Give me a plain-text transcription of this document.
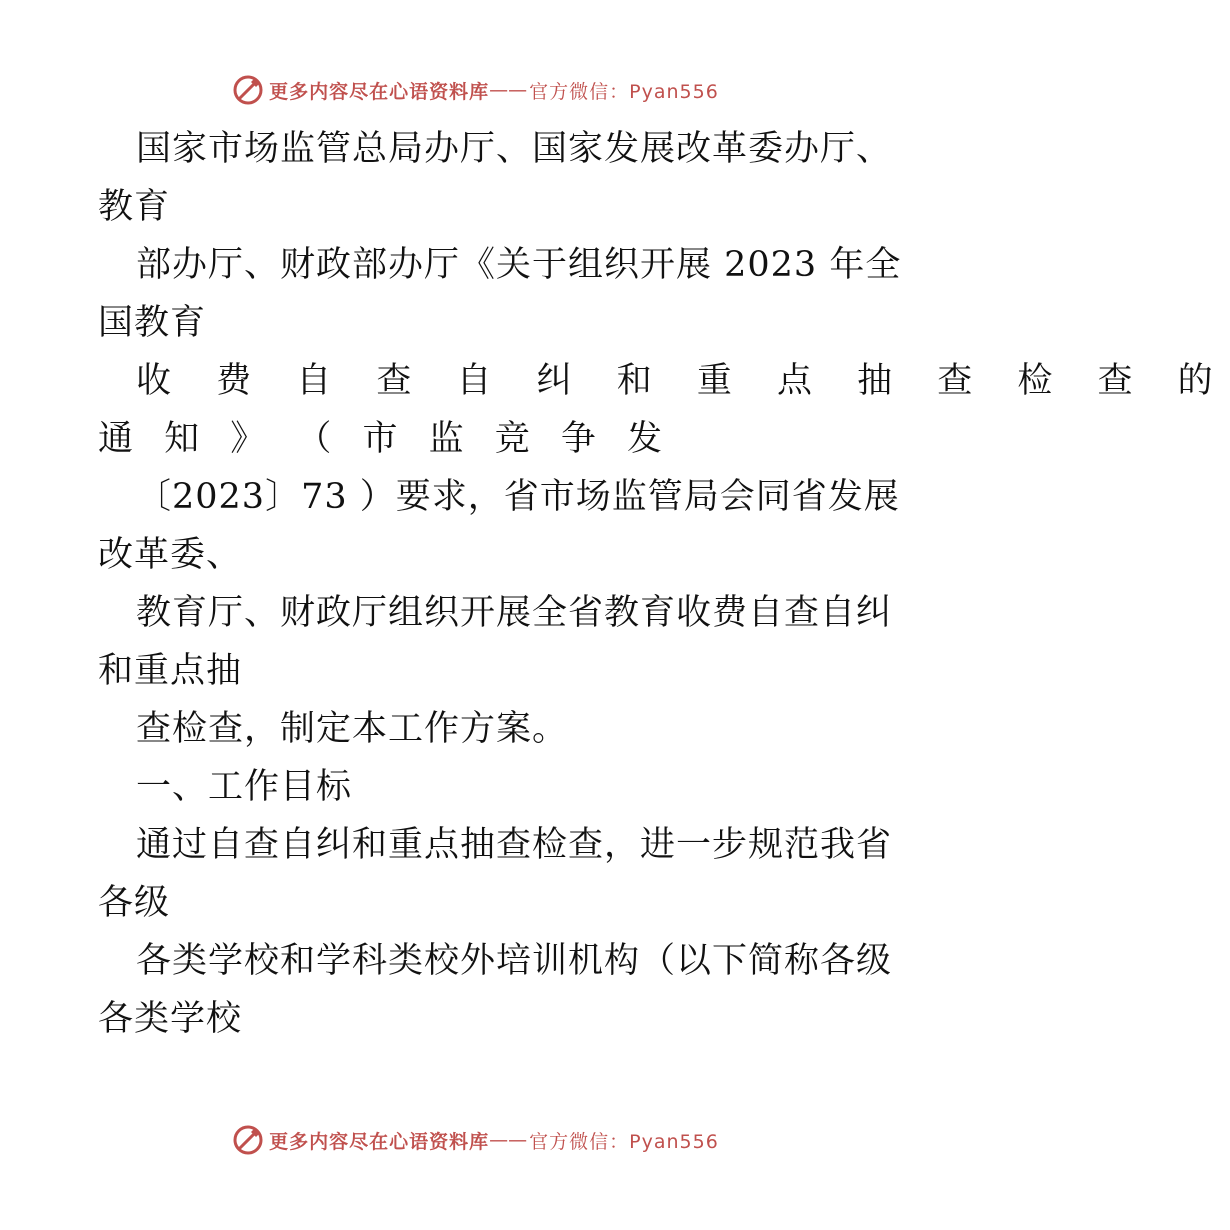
更多内容尽在心语资料库 —— 官方微信：Pyan556
国家市场监管总局办厅、国家发展改革委办厅、
教育
部办厅、财政部办厅《关于组织开展 2023 年全
国教育
收 费 自 查 自 纠 和 重 点 抽 查 检 查 的
通 知 》 （ 市 监 竞 争 发
〔2023〕73 ）要求，省市场监管局会同省发展
改革委、
教育厅、财政厅组织开展全省教育收费自查自纠
和重点抽
查检查，制定本工作方案。
一、工作目标
通过自查自纠和重点抽查检查，进一步规范我省
各级
各类学校和学科类校外培训机构（以下简称各级
各类学校
更多内容尽在心语资料库 —— 官方微信：Pyan556
